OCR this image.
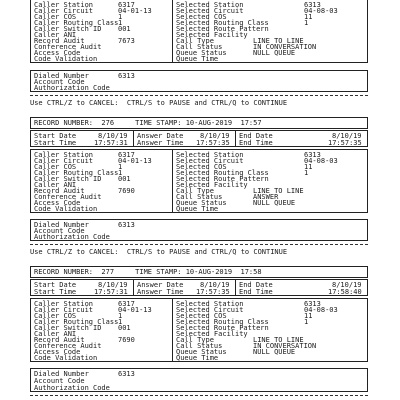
Caller Station	6317
Caller Circuit	04-01-13
Caller COS	1
Caller Routing Class 1
Caller Switch ID 001
Caller ANI
Record Audit	7673
Conference Audit
Access Code
Code Validation
Selected Station	6313
Selected Circuit	04-08-03
Selected COS	11
Selected Routing Class	1
Selected Route Pattern
Selected Facility
Call Type	LINE TO LINE
Call Status	IN CONVERSATION
Queue Status	NULL QUEUE
Queue Time
Dialed Number	6313
Account Code
Authorization Code
Use CTRL/Z to CANCEL:  CTRL/S to PAUSE and CTRL/Q to CONTINUE
RECORD NUMBER:  276     TIME STAMP: 10-AUG-2019  17:57
Start Date	8/10/19
Start Time	17:57:31
Answer Date 8/10/19
Answer Time 17:57:35
End Date	8/10/19
End Time	17:57:35
Caller Station	6317
Caller Circuit	04-01-13
Caller COS	1
Caller Routing Class 1
Caller Switch ID 001
Caller ANI
Record Audit	7690
Conference Audit
Access Code
Code Validation
Selected Station	6313
Selected Circuit	04-08-03
Selected COS	11
Selected Routing Class	1
Selected Route Pattern
Selected Facility
Call Type	LINE TO LINE
Call Status	ANSWER
Queue Status	NULL QUEUE
Queue Time
Dialed Number	6313
Account Code
Authorization Code
Use CTRL/Z to CANCEL:  CTRL/S to PAUSE and CTRL/Q to CONTINUE
RECORD NUMBER:  277     TIME STAMP: 10-AUG-2019  17:58
Start Date	8/10/19
Start Time	17:57:31
Answer Date 8/10/19
Answer Time 17:57:35
End Date	8/10/19
End Time	17:58:40
Caller Station	6317
Caller Circuit	04-01-13
Caller COS	1
Caller Routing Class 1
Caller Switch ID 001
Caller ANI
Record Audit	7690
Conference Audit
Access Code
Code Validation
Selected Station	6313
Selected Circuit	04-08-03
Selected COS	11
Selected Routing Class	1
Selected Route Pattern
Selected Facility
Call Type	LINE TO LINE
Call Status	IN CONVERSATION
Queue Status	NULL QUEUE
Queue Time
Dialed Number	6313
Account Code
Authorization Code
